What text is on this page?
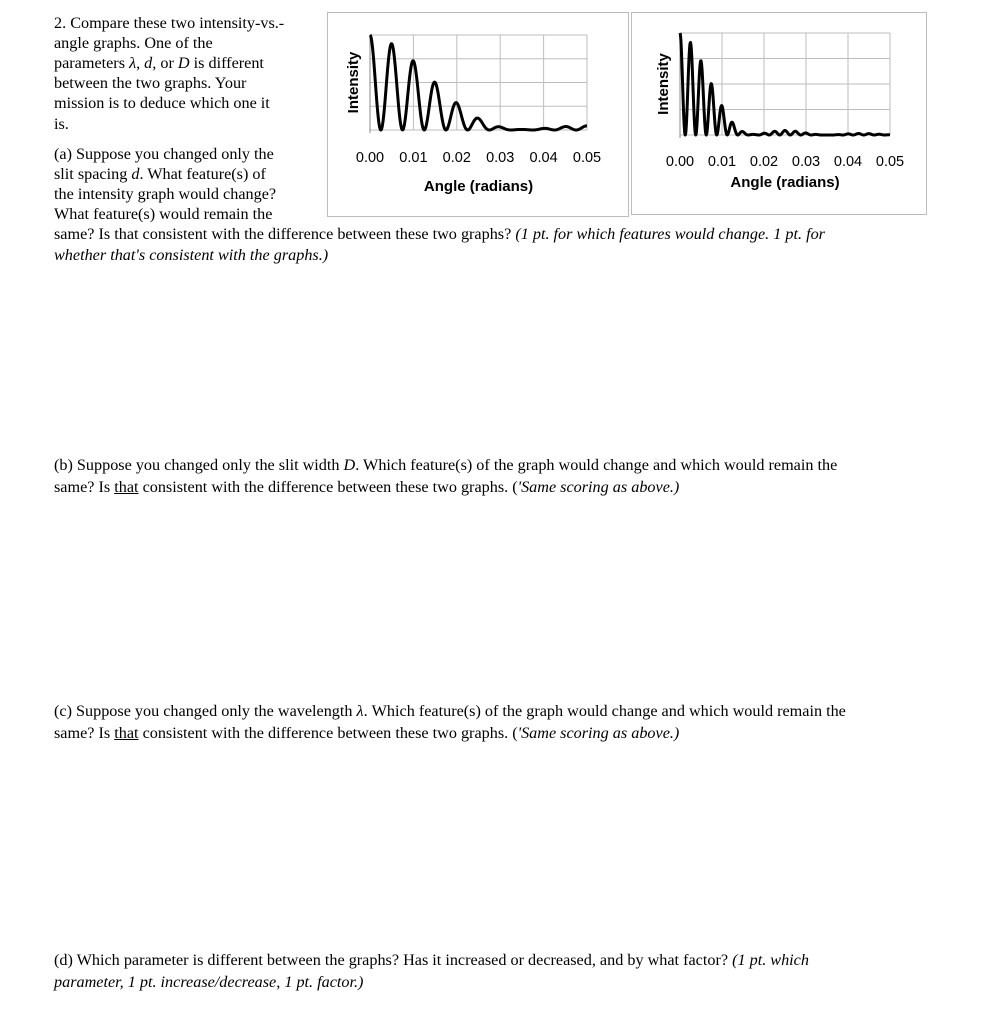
2. Compare these two intensity-vs.-
angle graphs. One of the
parameters λ, d, or D is different
between the two graphs. Your
mission is to deduce which one it
is.
(a) Suppose you changed only the
slit spacing d. What feature(s) of
the intensity graph would change?
What feature(s) would remain the
same? Is that consistent with the difference between these two graphs? (1 pt. for which features would change. 1 pt. for
whether that's consistent with the graphs.)
(b) Suppose you changed only the slit width D. Which feature(s) of the graph would change and which would remain the
same? Is that consistent with the difference between these two graphs. ('Same scoring as above.)
(c) Suppose you changed only the wavelength λ. Which feature(s) of the graph would change and which would remain the
same? Is that consistent with the difference between these two graphs. ('Same scoring as above.)
(d) Which parameter is different between the graphs? Has it increased or decreased, and by what factor? (1 pt. which
parameter, 1 pt. increase/decrease, 1 pt. factor.)
0.00 0.01 0.02 0.03 0.04 0.05
Angle (radians)
Intensity
0.00 0.01 0.02 0.03 0.04 0.05
Angle (radians)
Intensity
